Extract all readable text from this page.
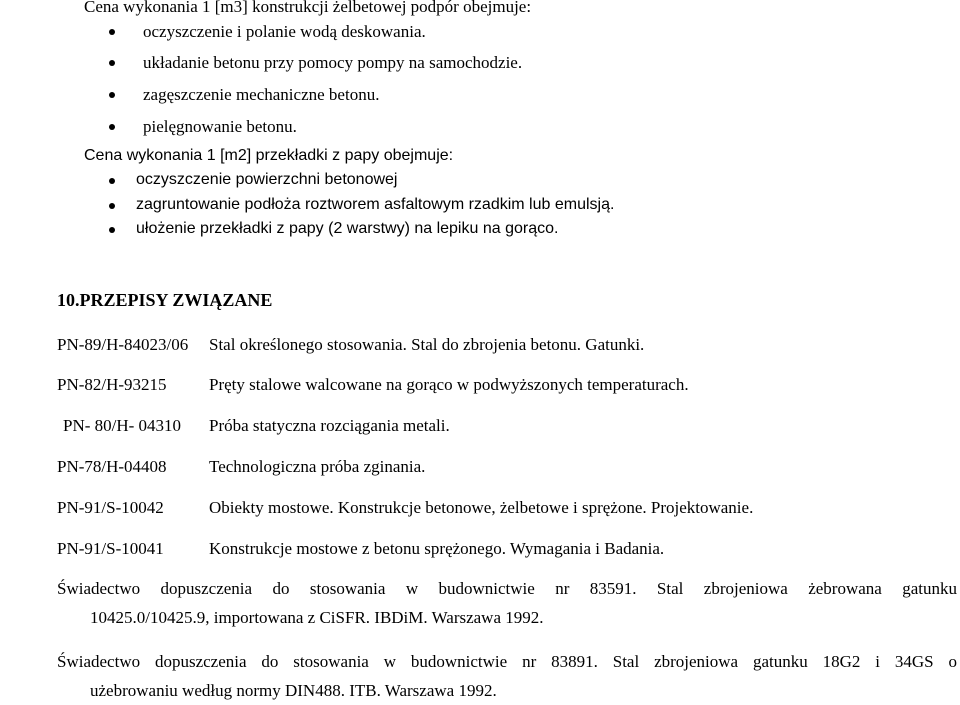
Cena wykonania 1 [m3] konstrukcji żelbetowej podpór obejmuje:
oczyszczenie i polanie wodą deskowania.
układanie betonu przy pomocy pompy na samochodzie.
zagęszczenie mechaniczne betonu.
pielęgnowanie betonu.
Cena wykonania 1 [m2] przekładki z papy obejmuje:
oczyszczenie powierzchni betonowej
zagruntowanie podłoża roztworem asfaltowym rzadkim lub emulsją.
ułożenie przekładki z papy (2 warstwy) na lepiku na gorąco.
10.PRZEPISY ZWIĄZANE
PN-89/H-84023/06 Stal określonego stosowania. Stal do zbrojenia betonu. Gatunki.
PN-82/H-93215 Pręty stalowe walcowane na gorąco w podwyższonych temperaturach.
PN- 80/H- 04310 Próba statyczna rozciągania metali.
PN-78/H-04408 Technologiczna próba zginania.
PN-91/S-10042	Obiekty mostowe. Konstrukcje betonowe, żelbetowe i sprężone. Projektowanie.
PN-91/S-10041	Konstrukcje mostowe z betonu sprężonego. Wymagania i Badania.
Świadectwo dopuszczenia do stosowania w budownictwie nr 83591. Stal zbrojeniowa żebrowana gatunku
10425.0/10425.9, importowana z CiSFR. IBDiM. Warszawa 1992.
Świadectwo dopuszczenia do stosowania w budownictwie nr 83891. Stal zbrojeniowa gatunku 18G2 i 34GS o
użebrowaniu według normy DIN488. ITB. Warszawa 1992.
